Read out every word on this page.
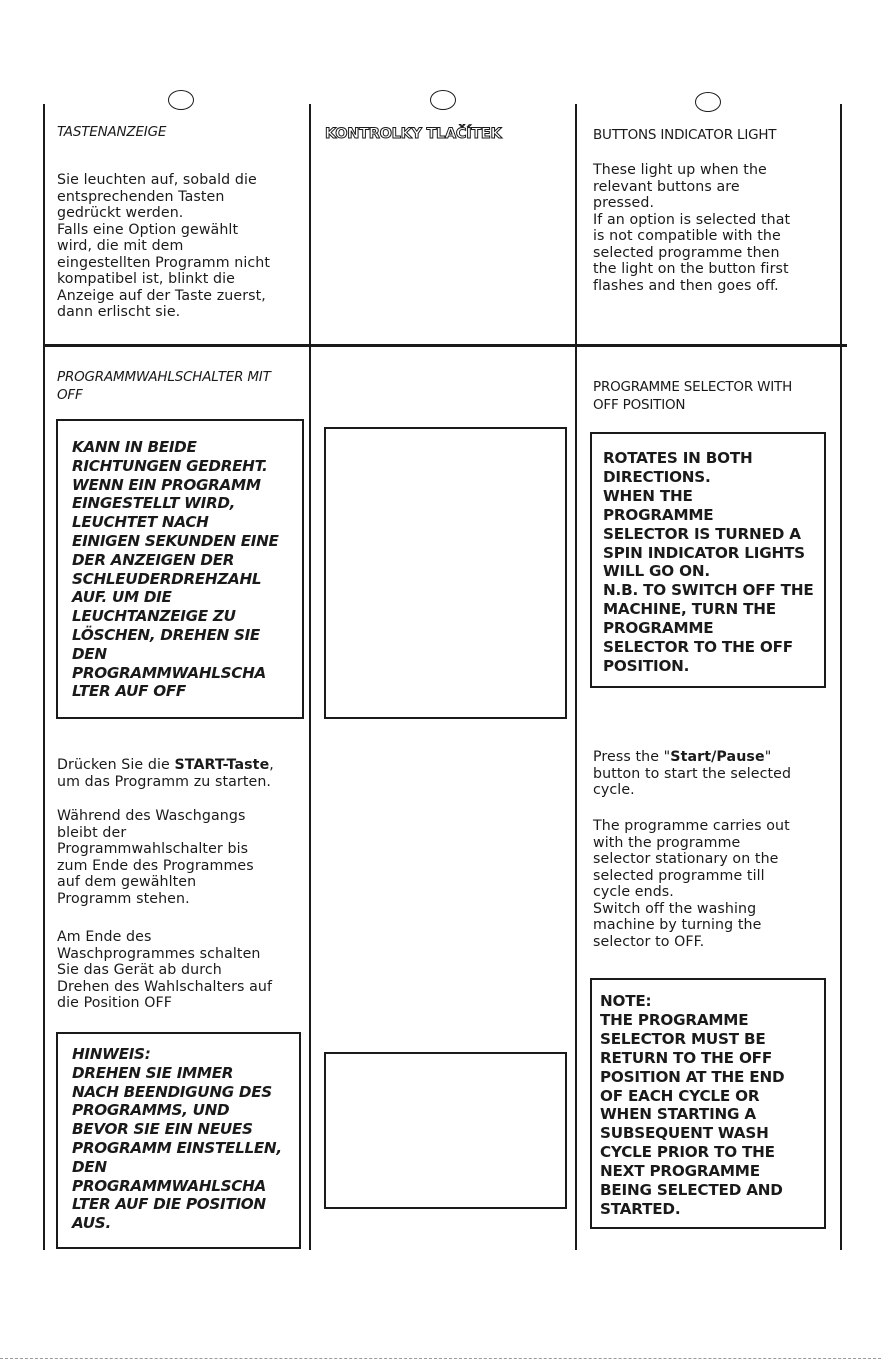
TASTENANZEIGE
Sie leuchten auf, sobald die
entsprechenden Tasten
gedrückt werden.
Falls eine Option gewählt
wird, die mit dem
eingestellten Programm nicht
kompatibel ist, blinkt die
Anzeige auf der Taste zuerst,
dann erlischt sie.
PROGRAMMWAHLSCHALTER MIT
OFF
KANN IN BEIDE
RICHTUNGEN GEDREHT.
WENN EIN PROGRAMM
EINGESTELLT WIRD,
LEUCHTET NACH
EINIGEN SEKUNDEN EINE
DER ANZEIGEN DER
SCHLEUDERDREHZAHL
AUF. UM DIE
LEUCHTANZEIGE ZU
LÖSCHEN, DREHEN SIE
DEN
PROGRAMMWAHLSCHA
LTER AUF OFF
Drücken Sie die START-Taste,
um das Programm zu starten.
Während des Waschgangs
bleibt der
Programmwahlschalter bis
zum Ende des Programmes
auf dem gewählten
Programm stehen.
Am Ende des
Waschprogrammes schalten
Sie das Gerät ab durch
Drehen des Wahlschalters auf
die Position OFF
HINWEIS:
DREHEN SIE IMMER
NACH BEENDIGUNG DES
PROGRAMMS, UND
BEVOR SIE EIN NEUES
PROGRAMM EINSTELLEN,
DEN
PROGRAMMWAHLSCHA
LTER AUF DIE POSITION
AUS.
KONTROLKY TLAČÍTEK	BUTTONS INDICATOR LIGHT
These light up when the
relevant buttons are
pressed.
If an option is selected that
is not compatible with the
selected programme then
the light on the button first
flashes and then goes off.
PROGRAMME SELECTOR WITH
OFF POSITION
ROTATES IN BOTH
DIRECTIONS.
WHEN THE
PROGRAMME
SELECTOR IS TURNED A
SPIN INDICATOR LIGHTS
WILL GO ON.
N.B. TO SWITCH OFF THE
MACHINE, TURN THE
PROGRAMME
SELECTOR TO THE OFF
POSITION.
Press the "Start/Pause"
button to start the selected
cycle.
The programme carries out
with the programme
selector stationary on the
selected programme till
cycle ends.
Switch off the washing
machine by turning the
selector to OFF.
NOTE:
THE PROGRAMME
SELECTOR MUST BE
RETURN TO THE OFF
POSITION AT THE END
OF EACH CYCLE OR
WHEN STARTING A
SUBSEQUENT WASH
CYCLE PRIOR TO THE
NEXT PROGRAMME
BEING SELECTED AND
STARTED.
